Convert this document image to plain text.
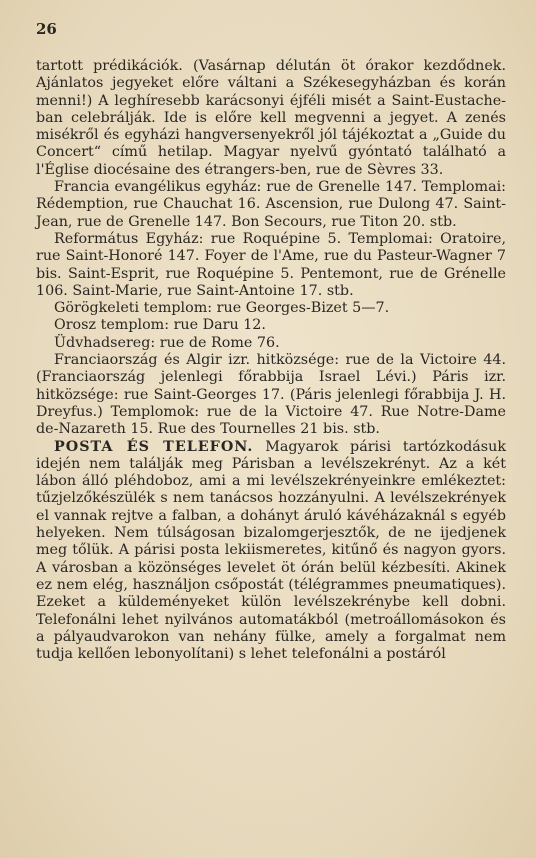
26

tartott prédikációk. (Vasárnap délután öt órakor kezdődnek. Ajánlatos jegyeket előre váltani a Székesegyházban és korán menni!) A leghíresebb karácsonyi éjféli misét a Saint-Eustache-ban celebrálják. Ide is előre kell megvenni a jegyet. A zenés misékről és egyházi hangversenyekről jól tájékoztat a „Guide du Concert“ című hetilap. Magyar nyelvű gyóntató található a l'Église diocésaine des étrangers-ben, rue de Sèvres 33.

Francia evangélikus egyház: rue de Grenelle 147. Templomai: Rédemption, rue Chauchat 16. Ascension, rue Dulong 47. Saint-Jean, rue de Grenelle 147. Bon Secours, rue Titon 20. stb.

Református Egyház: rue Roquépine 5. Templomai: Oratoire, rue Saint-Honoré 147. Foyer de l'Ame, rue du Pasteur-Wagner 7 bis. Saint-Esprit, rue Roquépine 5. Pentemont, rue de Grénelle 106. Saint-Marie, rue Saint-Antoine 17. stb.

Görögkeleti templom: rue Georges-Bizet 5—7.

Orosz templom: rue Daru 12.

Üdvhadsereg: rue de Rome 76.

Franciaország és Algir izr. hitközsége: rue de la Victoire 44. (Franciaország jelenlegi főrabbija Israel Lévi.) Páris izr. hitközsége: rue Saint-Georges 17. (Páris jelenlegi főrabbija J. H. Dreyfus.) Templomok: rue de la Victoire 47. Rue Notre-Dame de-Nazareth 15. Rue des Tournelles 21 bis. stb.

POSTA ÉS TELEFON. Magyarok párisi tartózkodásuk idején nem találják meg Párisban a levélszekrényt. Az a két lábon álló pléhdoboz, ami a mi levélszekrényeinkre emlékeztet: tűzjelzőkészülék s nem tanácsos hozzányulni. A levélszekrények el vannak rejtve a falban, a dohányt áruló kávéházaknál s egyéb helyeken. Nem túlságosan bizalomgerjesztők, de ne ijedjenek meg tőlük. A párisi posta lekiismeretes, kitűnő és nagyon gyors. A városban a közönséges levelet öt órán belül kézbesíti. Akinek ez nem elég, használjon csőpostát (télégrammes pneumatiques). Ezeket a küldeményeket külön levélszekrénybe kell dobni. Telefonálni lehet nyilvános automatákból (metroállomásokon és a pályaudvarokon van nehány fülke, amely a forgalmat nem tudja kellően lebonyolítani) s lehet telefonálni a postáról
